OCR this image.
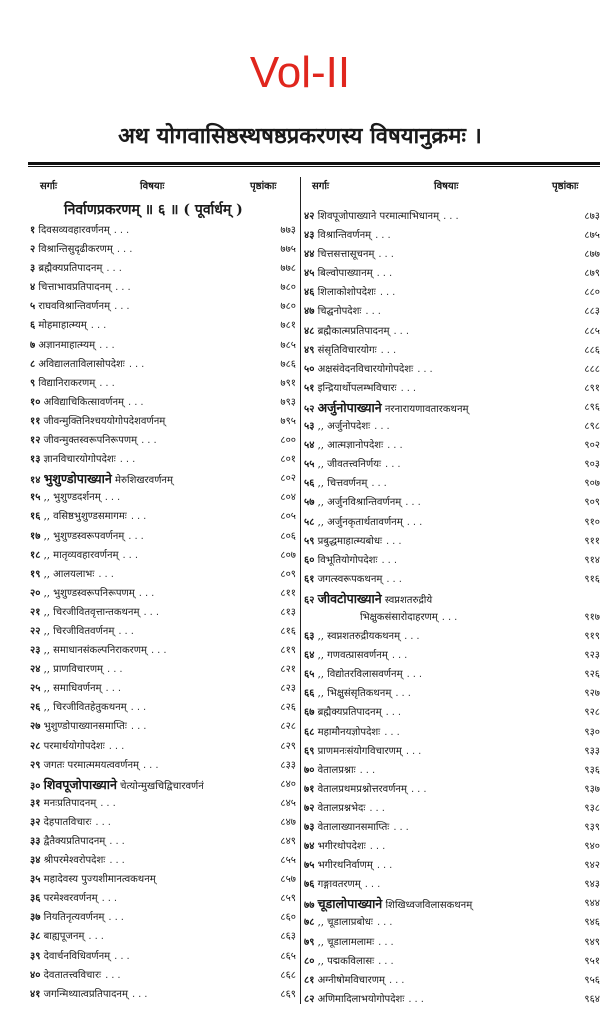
Vol-II
अथ योगवासिष्ठस्थषष्ठप्रकरणस्य विषयानुक्रमः ।
सर्गाः	विषयाः	पृष्ठांकाः	सर्गाः	विषयाः	पृष्ठांकाः
निर्वाणप्रकरणम् ॥ ६ ॥ ( पूर्वार्धम् )
१ दिवसव्यवहारवर्णनम् ...	७७३
२ विश्रान्तिसुदृढीकरणम् ...	७७५
३ ब्रह्मैक्यप्रतिपादनम् ...	७७८
४ चित्ताभावप्रतिपादनम् ...	७८०
५ राघवविश्रान्तिवर्णनम् ...	७८०
६ मोहमाहात्म्यम् ...	७८१
७ अज्ञानमाहात्म्यम् ...	७८५
८ अविद्यालताविलासोपदेशः ...	७८६
९ विद्यानिराकरणम् ...	७९१
१० अविद्याचिकित्सावर्णनम् ...	७९३
११ जीवन्मुक्तिनिश्चययोगोपदेशवर्णनम्	७९५
१२ जीवन्मुक्तस्वरूपनिरूपणम् ...	८००
१३ ज्ञानविचारयोगोपदेशः ...	८०१
१४ भुशुण्डोपाख्याने मेरुशिखरवर्णनम्	८०२
१५ ,, भुशुण्डदर्शनम् ...	८०४
१६ ,, वसिष्ठभुशुण्डसमागमः ...	८०५
१७ ,, भुशुण्डस्वरूपवर्णनम् ...	८०६
१८ ,, मातृव्यवहारवर्णनम् ...	८०७
१९ ,, आलयलाभः ...	८०९
२० ,, भुशुण्डस्वरूपनिरूपणम् ...	८११
२१ ,, चिरजीवितवृत्तान्तकथनम् ...	८१३
२२ ,, चिरजीवितवर्णनम् ...	८१६
२३ ,, समाधानसंकल्पनिराकरणम् ...	८१९
२४ ,, प्राणविचारणम् ...	८२१
२५ ,, समाधिवर्णनम् ...	८२३
२६ ,, चिरजीवितहेतुकथनम् ...	८२६
२७ भुशुण्डोपाख्यानसमाप्तिः ...	८२८
२८ परमार्थयोगोपदेशः ...	८२९
२९ जगतः परमात्ममयत्ववर्णनम् ...	८३३
३० शिवपूजोपाख्याने चेत्योन्मुखचिद्विचारवर्णनं	८४०
३१ मनःप्रतिपादनम् ...	८४५
३२ देहपातविचारः ...	८४७
३३ द्वैतैक्यप्रतिपादनम् ...	८४९
३४ श्रीपरमेश्वरोपदेशः ...	८५५
३५ महादेवस्य पुज्यशीमानत्वकथनम्	८५७
३६ परमेश्वरवर्णनम् ...	८५९
३७ नियतिनृत्यवर्णनम् ...	८६०
३८ बाह्यपूजनम् ...	८६३
३९ देवार्चनविधिवर्णनम् ...	८६५
४० देवतातत्त्वविचारः ...	८६८
४१ जगन्मिथ्यात्वप्रतिपादनम् ...	८६९
४२ शिवपूजोपाख्याने परमात्माभिधानम् ...	८७३
४३ विश्रान्तिवर्णनम् ...	८७५
४४ चित्तसत्तासूचनम् ...	८७७
४५ बिल्वोपाख्यानम् ...	८७९
४६ शिलाकोशोपदेशः ...	८८०
४७ चिद्घनोपदेशः ...	८८३
४८ ब्रह्मैकात्मप्रतिपादनम् ...	८८५
४९ संसृतिविचारयोगः ...	८८६
५० अक्षसंवेदनविचारयोगोपदेशः ...	८८८
५१ इन्द्रियार्थोपलम्भविचारः ...	८९१
५२ अर्जुनोपाख्याने नरनारायणावतारकथनम्	८९६
५३ ,, अर्जुनोपदेशः ...	८९८
५४ ,, आत्मज्ञानोपदेशः ...	९०२
५५ ,, जीवतत्त्वनिर्णयः ...	९०३
५६ ,, चित्तवर्णनम् ...	९०७
५७ ,, अर्जुनविश्रान्तिवर्णनम् ...	९०९
५८ ,, अर्जुनकृतार्थतावर्णनम् ...	९१०
५९ प्रबुद्धमाहात्म्यबोधः ...	९११
६० विभूतियोगोपदेशः ...	९१४
६१ जगत्स्वरूपकथनम् ...	९१६
६२ जीवटोपाख्याने स्वप्नशतरुद्रीये
भिक्षुकसंसारोदाहरणम् ...	९१७
६३ ,, स्वप्नशतरुद्रीयकथनम् ...	९१९
६४ ,, गणवत्प्रासवर्णनम् ...	९२३
६५ ,, विद्योतरविलासवर्णनम् ...	९२६
६६ ,, भिक्षुसंसृतिकथनम् ...	९२७
६७ ब्रह्मैक्यप्रतिपादनम् ...	९२८
६८ महामौनयज्ञोपदेशः ...	९३०
६९ प्राणमनःसंयोगविचारणम् ...	९३३
७० वेतालप्रश्नाः ...	९३६
७१ वेतालप्रथमप्रश्नोत्तरवर्णनम् ...	९३७
७२ वेतालप्रश्नभेदः ...	९३८
७३ वेतालाख्यानसमाप्तिः ...	९३९
७४ भगीरथोपदेशः ...	९४०
७५ भगीरथनिर्वाणम् ...	९४२
७६ गङ्गावतरणम् ...	९४३
७७ चूडालोपाख्याने शिखिध्वजविलासकथनम्	९४४
७८ ,, चूडालाप्रबोधः ...	९४६
७९ ,, चूडालामलामः ...	९४९
८० ,, पद्मकविलासः ...	९५१
८१ अग्नीषोमविचारणम् ...	९५६
८२ अणिमादिलाभयोगोपदेशः ...	९६४
